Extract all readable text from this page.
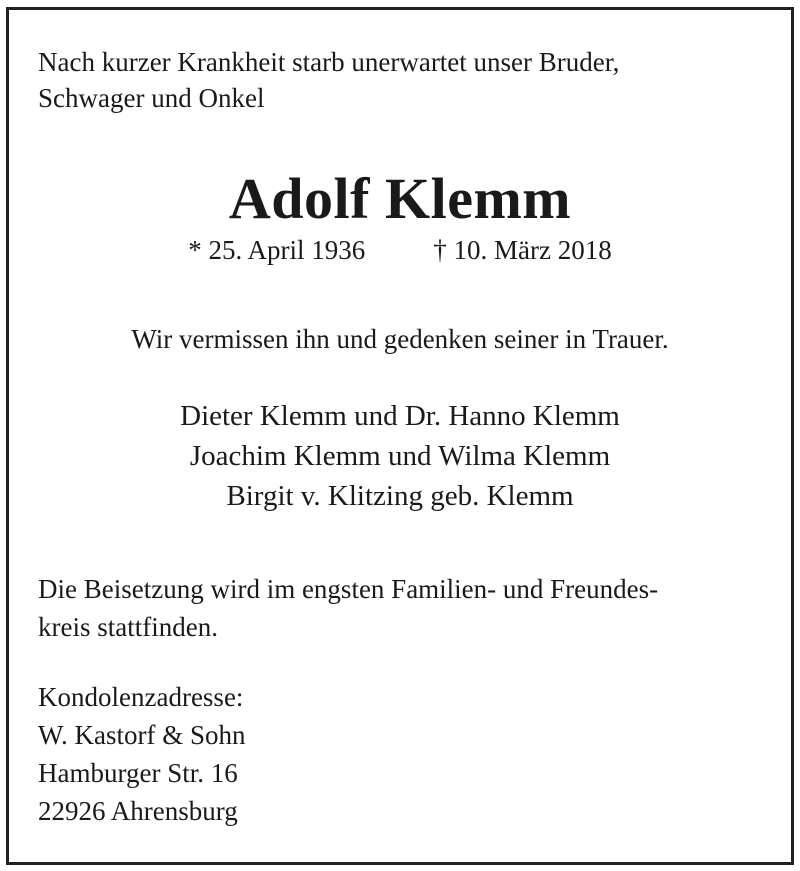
Nach kurzer Krankheit starb unerwartet unser Bruder,
Schwager und Onkel
Adolf Klemm
* 25. April 1936	† 10. März 2018
Wir vermissen ihn und gedenken seiner in Trauer.
Dieter Klemm und Dr. Hanno Klemm
Joachim Klemm und Wilma Klemm
Birgit v. Klitzing geb. Klemm
Die Beisetzung wird im engsten Familien- und Freundes-
kreis stattfinden.
Kondolenzadresse:
W. Kastorf & Sohn
Hamburger Str. 16
22926 Ahrensburg
